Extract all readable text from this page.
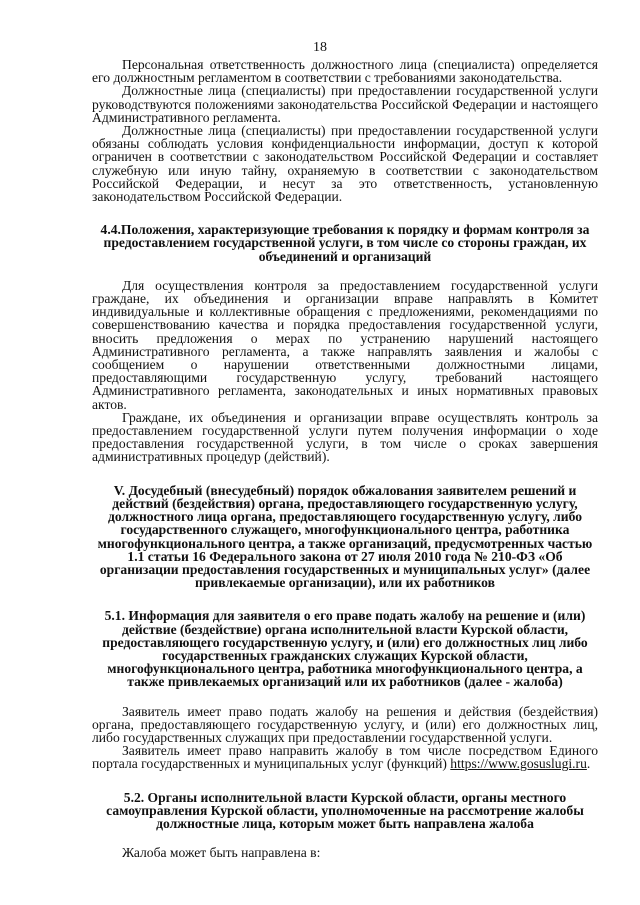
18

Персональная ответственность должностного лица (специалиста) определяется его должностным регламентом в соответствии с требованиями законодательства.

Должностные лица (специалисты) при предоставлении государственной услуги руководствуются положениями законодательства Российской Федерации и настоящего Административного регламента.

Должностные лица (специалисты) при предоставлении государственной услуги обязаны соблюдать условия конфиденциальности информации, доступ к которой ограничен в соответствии с законодательством Российской Федерации и составляет служебную или иную тайну, охраняемую в соответствии с законодательством Российской Федерации, и несут за это ответственность, установленную законодательством Российской Федерации.

4.4.Положения, характеризующие требования к порядку и формам контроля за предоставлением государственной услуги, в том числе со стороны граждан, их объединений и организаций

Для осуществления контроля за предоставлением государственной услуги граждане, их объединения и организации вправе направлять в Комитет индивидуальные и коллективные обращения с предложениями, рекомендациями по совершенствованию качества и порядка предоставления государственной услуги, вносить предложения о мерах по устранению нарушений настоящего Административного регламента, а также направлять заявления и жалобы с сообщением о нарушении ответственными должностными лицами, предоставляющими государственную услугу, требований настоящего Административного регламента, законодательных и иных нормативных правовых актов.

Граждане, их объединения и организации вправе осуществлять контроль за предоставлением государственной услуги путем получения информации о ходе предоставления государственной услуги, в том числе о сроках завершения административных процедур (действий).

V. Досудебный (внесудебный) порядок обжалования заявителем решений и действий (бездействия) органа, предоставляющего государственную услугу, должностного лица органа, предоставляющего государственную услугу, либо государственного служащего, многофункционального центра, работника многофункционального центра, а также организаций, предусмотренных частью 1.1 статьи 16 Федерального закона от 27 июля 2010 года № 210-ФЗ «Об организации предоставления государственных и муниципальных услуг» (далее привлекаемые организации), или их работников
5.1. Информация для заявителя о его праве подать жалобу на решение и (или) действие (бездействие) органа исполнительной власти Курской области, предоставляющего государственную услугу, и (или) его должностных лиц либо государственных гражданских служащих Курской области, многофункционального центра, работника многофункционального центра, а также привлекаемых организаций или их работников (далее - жалоба)

Заявитель имеет право подать жалобу на решения и действия (бездействия) органа, предоставляющего государственную услугу, и (или) его должностных лиц, либо государственных служащих при предоставлении государственной услуги.

Заявитель имеет право направить жалобу в том числе посредством Единого портала государственных и муниципальных услуг (функций) https://www.gosuslugi.ru.

5.2. Органы исполнительной власти Курской области, органы местного самоуправления Курской области, уполномоченные на рассмотрение жалобы должностные лица, которым может быть направлена жалоба

Жалоба может быть направлена в:
